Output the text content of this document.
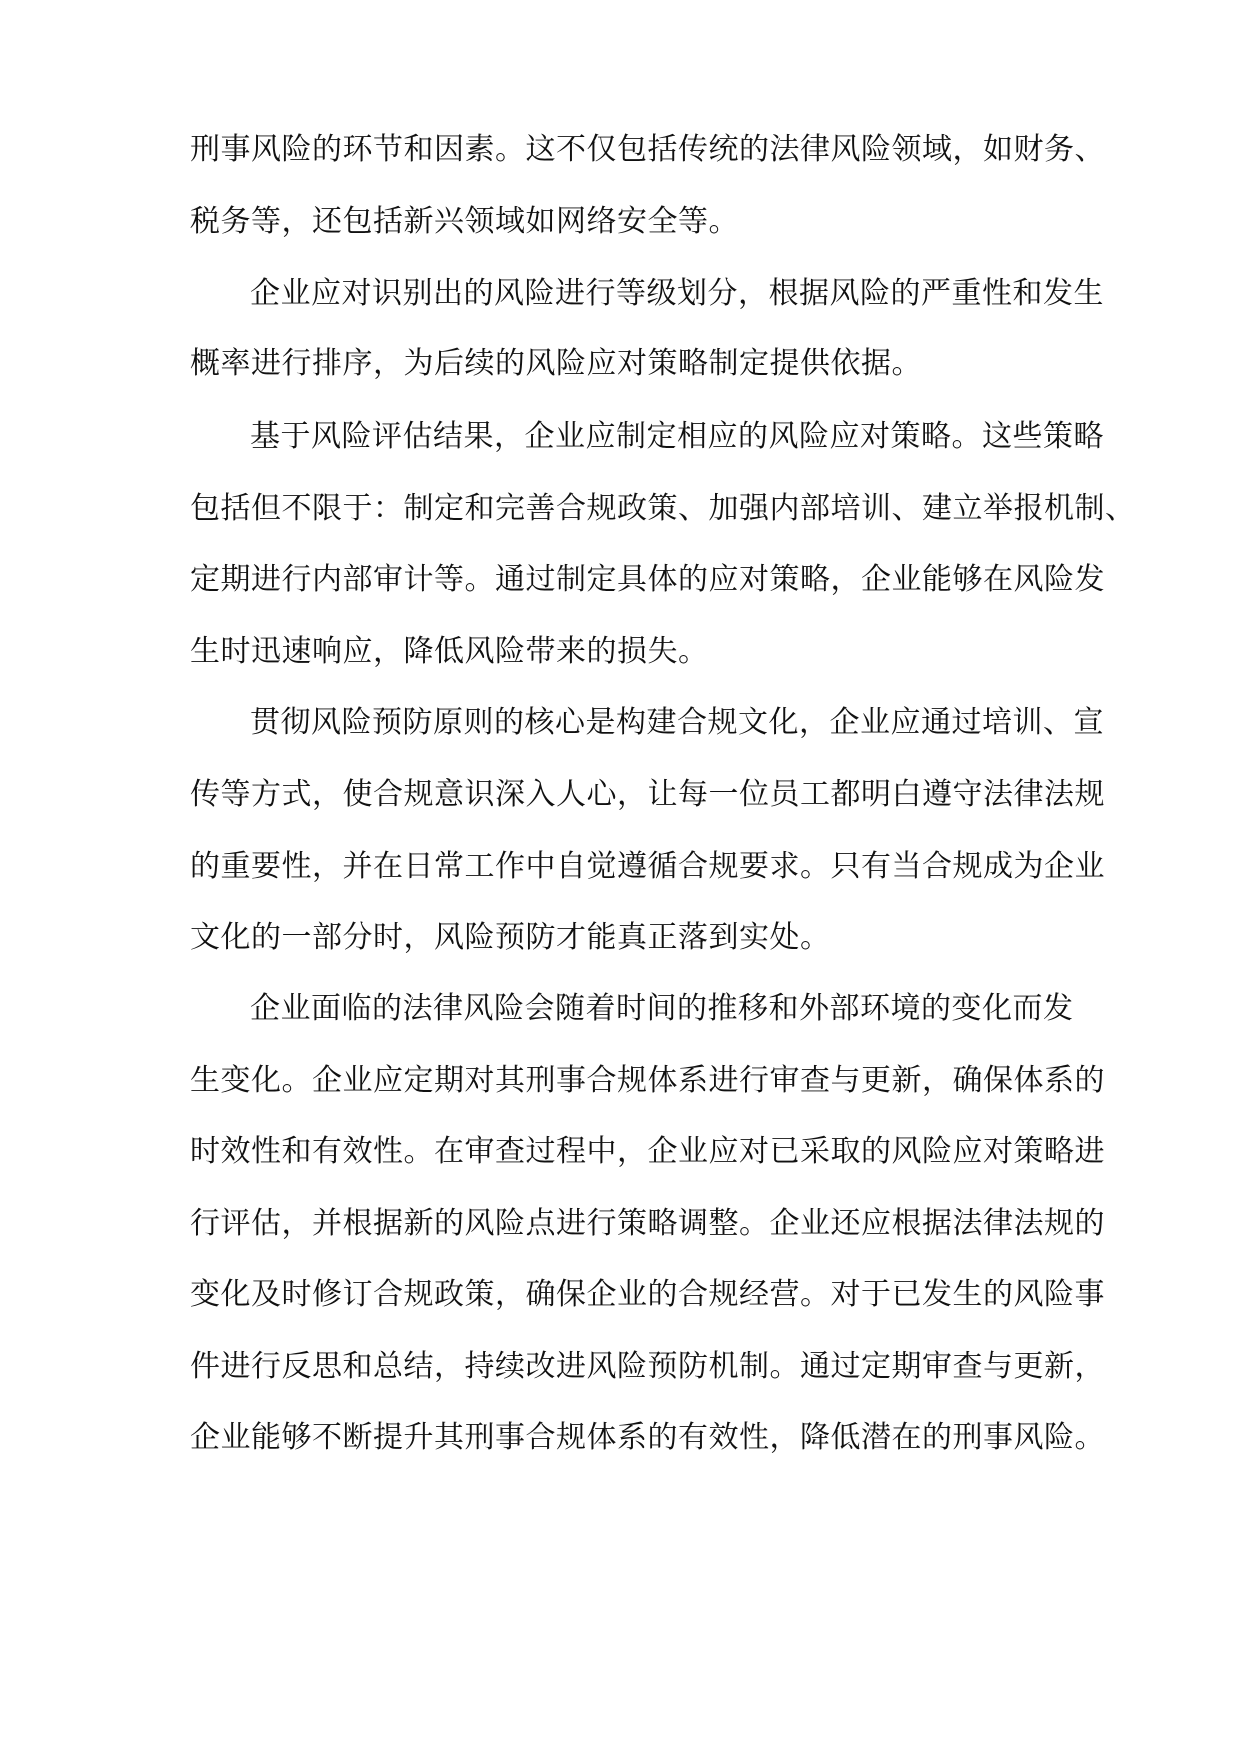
刑事风险的环节和因素。这不仅包括传统的法律风险领域，如财务、
税务等，还包括新兴领域如网络安全等。
企业应对识别出的风险进行等级划分，根据风险的严重性和发生
概率进行排序，为后续的风险应对策略制定提供依据。
基于风险评估结果，企业应制定相应的风险应对策略。这些策略
包括但不限于：制定和完善合规政策、加强内部培训、建立举报机制、
定期进行内部审计等。通过制定具体的应对策略，企业能够在风险发
生时迅速响应，降低风险带来的损失。
贯彻风险预防原则的核心是构建合规文化，企业应通过培训、宣
传等方式，使合规意识深入人心，让每一位员工都明白遵守法律法规
的重要性，并在日常工作中自觉遵循合规要求。只有当合规成为企业
文化的一部分时，风险预防才能真正落到实处。
企业面临的法律风险会随着时间的推移和外部环境的变化而发
生变化。企业应定期对其刑事合规体系进行审查与更新，确保体系的
时效性和有效性。在审查过程中，企业应对已采取的风险应对策略进
行评估，并根据新的风险点进行策略调整。企业还应根据法律法规的
变化及时修订合规政策，确保企业的合规经营。对于已发生的风险事
件进行反思和总结，持续改进风险预防机制。通过定期审查与更新，
企业能够不断提升其刑事合规体系的有效性，降低潜在的刑事风险。
